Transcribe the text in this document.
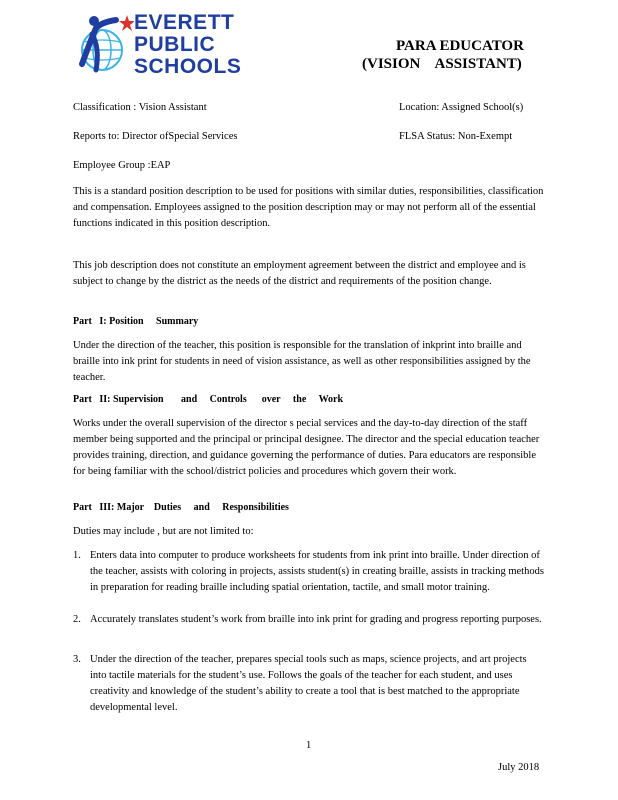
EVERETT
PUBLIC
SCHOOLS
PARA EDUCATOR
(VISION    ASSISTANT)
Classification : Vision Assistant	Location: Assigned School(s)
Reports to: Director ofSpecial Services	FLSA Status: Non-Exempt
Employee Group :EAP
This is a standard position description to be used for positions with similar duties, responsibilities, classification and compensation. Employees assigned to the position description may or may not perform all of the essential functions indicated in this position description.
This job description does not constitute an employment agreement between the district and employee and is subject to change by the district as the needs of the district and requirements of the position change.
Part   I: Position     Summary
Under the direction of the teacher, this position is responsible for the translation of inkprint into braille and braille into ink print for students in need of vision assistance, as well as other responsibilities assigned by the teacher.
Part   II: Supervision       and     Controls      over     the     Work
Works under the overall supervision of the director s pecial services and the day-to-day direction of the staff member being supported and the principal or principal designee. The director and the special education teacher provides training, direction, and guidance governing the performance of duties. Para educators are responsible for being familiar with the school/district policies and procedures which govern their work.
Part   III: Major    Duties     and     Responsibilities
Duties may include , but are not limited to:
1. Enters data into computer to produce worksheets for students from ink print into braille. Under direction of the teacher, assists with coloring in projects, assists student(s) in creating braille, assists in tracking methods in preparation for reading braille including spatial orientation, tactile, and small motor training.
2. Accurately translates student’s work from braille into ink print for grading and progress reporting purposes.
3. Under the direction of the teacher, prepares special tools such as maps, science projects, and art projects into tactile materials for the student’s use. Follows the goals of the teacher for each student, and uses creativity and knowledge of the student’s ability to create a tool that is best matched to the appropriate developmental level.
1
July 2018
